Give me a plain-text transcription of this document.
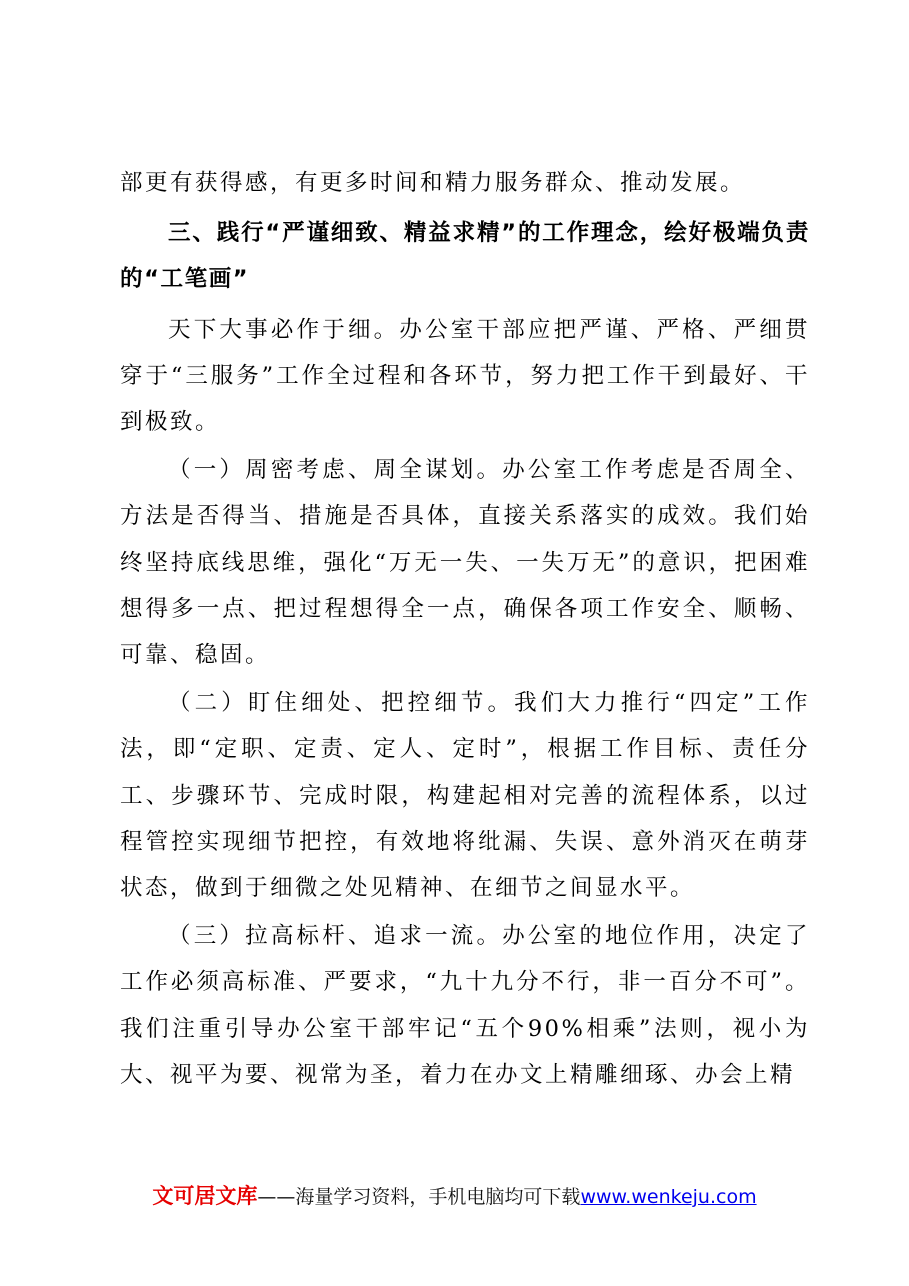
部更有获得感，有更多时间和精力服务群众、推动发展。

三、践行“严谨细致、精益求精”的工作理念，绘好极端负责的“工笔画”

天下大事必作于细。办公室干部应把严谨、严格、严细贯穿于“三服务”工作全过程和各环节，努力把工作干到最好、干到极致。

（一）周密考虑、周全谋划。办公室工作考虑是否周全、方法是否得当、措施是否具体，直接关系落实的成效。我们始终坚持底线思维，强化“万无一失、一失万无”的意识，把困难想得多一点、把过程想得全一点，确保各项工作安全、顺畅、可靠、稳固。

（二）盯住细处、把控细节。我们大力推行“四定”工作法，即“定职、定责、定人、定时”，根据工作目标、责任分工、步骤环节、完成时限，构建起相对完善的流程体系，以过程管控实现细节把控，有效地将纰漏、失误、意外消灭在萌芽状态，做到于细微之处见精神、在细节之间显水平。

（三）拉高标杆、追求一流。办公室的地位作用，决定了工作必须高标准、严要求，“九十九分不行，非一百分不可”。我们注重引导办公室干部牢记“五个90%相乘”法则，视小为大、视平为要、视常为圣，着力在办文上精雕细琢、办会上精

文可居文库——海量学习资料，手机电脑均可下载www.wenkeju.com
